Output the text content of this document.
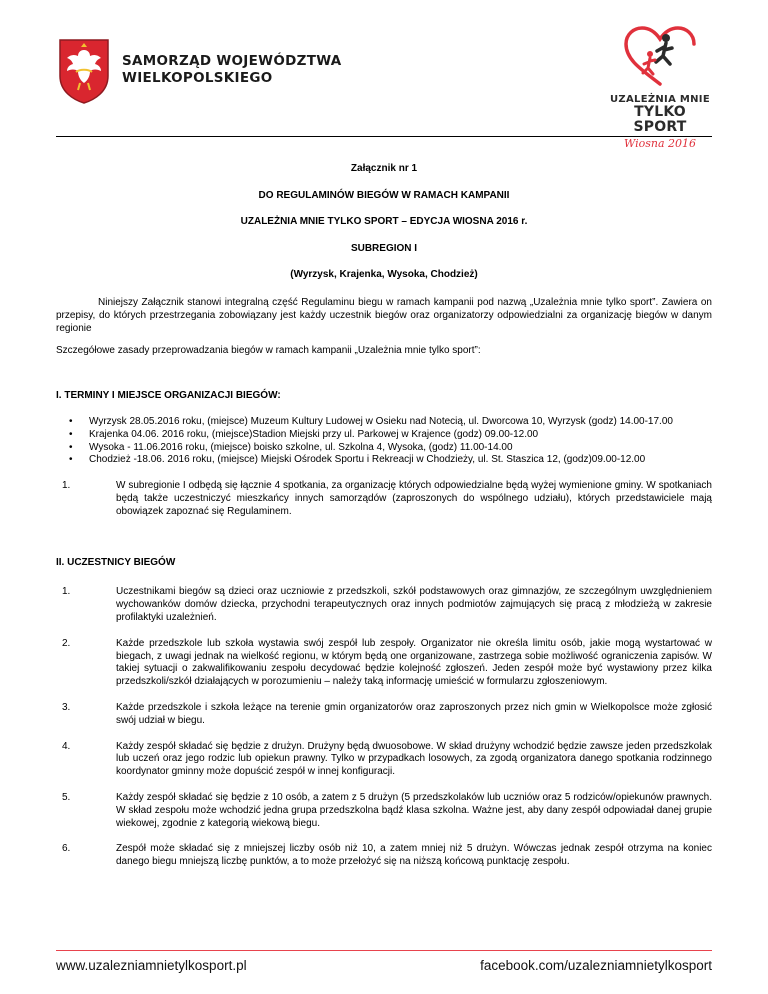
SAMORZĄD WOJEWÓDZTWA
WIELKOPOLSKIEGO
UZALEŻNIA MNIE
TYLKO SPORT
Wiosna 2016
Załącznik nr 1
DO REGULAMINÓW BIEGÓW W RAMACH KAMPANII
UZALEŻNIA MNIE TYLKO SPORT – EDYCJA WIOSNA 2016 r.
SUBREGION I
(Wyrzysk, Krajenka, Wysoka, Chodzież)

Niniejszy Załącznik stanowi integralną część Regulaminu biegu w ramach kampanii pod nazwą „Uzależnia mnie tylko sport”. Zawiera on przepisy, do których przestrzegania zobowiązany jest każdy uczestnik biegów oraz organizatorzy odpowiedzialni za organizację biegów w danym regionie

Szczegółowe zasady przeprowadzania biegów w ramach kampanii „Uzależnia mnie tylko sport”:

I. TERMINY I MIEJSCE ORGANIZACJI BIEGÓW:

• Wyrzysk 28.05.2016 roku, (miejsce) Muzeum Kultury Ludowej w Osieku nad Notecią, ul. Dworcowa 10, Wyrzysk (godz) 14.00-17.00
• Krajenka 04.06. 2016 roku, (miejsce)Stadion Miejski przy ul. Parkowej w Krajence (godz) 09.00-12.00
• Wysoka - 11.06.2016 roku, (miejsce) boisko szkolne, ul. Szkolna 4, Wysoka, (godz) 11.00-14.00
• Chodzież -18.06. 2016 roku, (miejsce) Miejski Ośrodek Sportu i Rekreacji w Chodzieży, ul. St. Staszica 12, (godz)09.00-12.00
1.	W subregionie I odbędą się łącznie 4 spotkania, za organizację których odpowiedzialne będą wyżej wymienione gminy. W spotkaniach będą także uczestniczyć mieszkańcy innych samorządów (zaproszonych do wspólnego udziału), których przedstawiciele mają obowiązek zapoznać się Regulaminem.

II. UCZESTNICY BIEGÓW

1.	Uczestnikami biegów są dzieci oraz uczniowie z przedszkoli, szkół podstawowych oraz gimnazjów, ze szczególnym uwzględnieniem wychowanków domów dziecka, przychodni terapeutycznych oraz innych podmiotów zajmujących się pracą z młodzieżą w zakresie profilaktyki uzależnień.
2.	Każde przedszkole lub szkoła wystawia swój zespół lub zespoły. Organizator nie określa limitu osób, jakie mogą wystartować w biegach, z uwagi jednak na wielkość regionu, w którym będą one organizowane, zastrzega sobie możliwość ograniczenia zapisów. W takiej sytuacji o zakwalifikowaniu zespołu decydować będzie kolejność zgłoszeń. Jeden zespół może być wystawiony przez kilka przedszkoli/szkół działających w porozumieniu – należy taką informację umieścić w formularzu zgłoszeniowym.
3.	Każde przedszkole i szkoła leżące na terenie gmin organizatorów oraz zaproszonych przez nich gmin w Wielkopolsce może zgłosić swój udział w biegu.
4.	Każdy zespół składać się będzie z drużyn. Drużyny będą dwuosobowe. W skład drużyny wchodzić będzie zawsze jeden przedszkolak lub uczeń oraz jego rodzic lub opiekun prawny. Tylko w przypadkach losowych, za zgodą organizatora danego spotkania rodzinnego koordynator gminny może dopuścić zespół w innej konfiguracji.
5.	Każdy zespół składać się będzie z 10 osób, a zatem z 5 drużyn (5 przedszkolaków lub uczniów oraz 5 rodziców/opiekunów prawnych. W skład zespołu może wchodzić jedna grupa przedszkolna bądź klasa szkolna. Ważne jest, aby dany zespół odpowiadał danej grupie wiekowej, zgodnie z kategorią wiekową biegu.
6.	Zespół może składać się z mniejszej liczby osób niż 10, a zatem mniej niż 5 drużyn. Wówczas jednak zespół otrzyma na koniec danego biegu mniejszą liczbę punktów, a to może przełożyć się na niższą końcową punktację zespołu.
www.uzalezniamnietylkosport.pl	facebook.com/uzalezniamnietylkosport
